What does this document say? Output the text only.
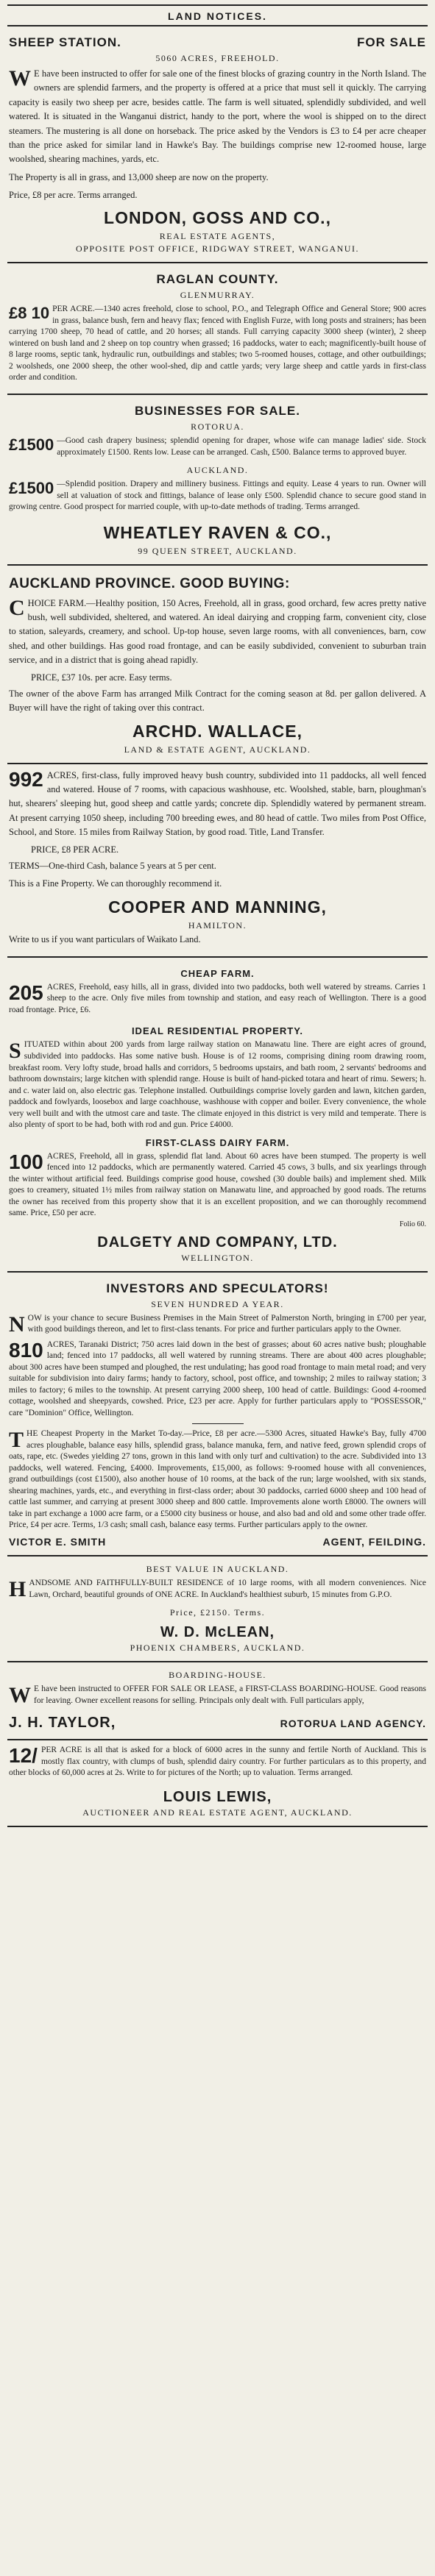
LAND NOTICES.
SHEEP STATION.	FOR SALE
5060 ACRES, FREEHOLD.

W E have been instructed to offer for sale one of the finest blocks of grazing country in the North Island. The owners are splendid farmers, and the property is offered at a price that must sell it quickly. The carrying capacity is easily two sheep per acre, besides cattle. The farm is well situated, splendidly subdivided, and well watered. It is situated in the Wanganui district, handy to the port, where the wool is shipped on to the direct steamers. The mustering is all done on horseback. The price asked by the Vendors is £3 to £4 per acre cheaper than the price asked for similar land in Hawke's Bay. The buildings comprise new 12-roomed house, large woolshed, shearing machines, yards, etc.

The Property is all in grass, and 13,000 sheep are now on the property.

Price, £8 per acre. Terms arranged.

LONDON, GOSS AND CO.,
REAL ESTATE AGENTS,
OPPOSITE POST OFFICE, RIDGWAY STREET, WANGANUI.
RAGLAN COUNTY.
GLENMURRAY.

£8 10 PER ACRE.—1340 acres freehold, close to school, P.O., and Telegraph Office and General Store; 900 acres in grass, balance bush, fern and heavy flax; fenced with English Furze, with long posts and strainers; has been carrying 1700 sheep, 70 head of cattle, and 20 horses; all stands. Full carrying capacity 3000 sheep (winter), 2 sheep wintered on bush land and 2 sheep on top country when grassed; 16 paddocks, water to each; magnificently-built house of 8 large rooms, septic tank, hydraulic run, outbuildings and stables; two 5-roomed houses, cottage, and other outbuildings; 2 woolsheds, one 2000 sheep, the other wool-shed, dip and cattle yards; very large sheep and cattle yards in first-class order and condition.

BUSINESSES FOR SALE.
ROTORUA.

£1500 —Good cash drapery business; splendid opening for draper, whose wife can manage ladies' side. Stock approximately £1500. Rents low. Lease can be arranged. Cash, £500. Balance terms to approved buyer.

AUCKLAND.

£1500 —Splendid position. Drapery and millinery business. Fittings and equity. Lease 4 years to run. Owner will sell at valuation of stock and fittings, balance of lease only £500. Splendid chance to secure good stand in growing centre. Good prospect for married couple, with up-to-date methods of trading. Terms arranged.

WHEATLEY RAVEN & CO.,
99 QUEEN STREET, AUCKLAND.
AUCKLAND PROVINCE. GOOD BUYING:

CHOICE FARM.—Healthy position, 150 Acres, Freehold, all in grass, good orchard, few acres pretty native bush, well subdivided, sheltered, and watered. An ideal dairying and cropping farm, convenient city, close to station, saleyards, creamery, and school. Up-top house, seven large rooms, with all conveniences, barn, cow shed, and other buildings. Has good road frontage, and can be easily subdivided, convenient to suburban train service, and in a district that is going ahead rapidly.

PRICE, £37 10s. per acre. Easy terms.

The owner of the above Farm has arranged Milk Contract for the coming season at 8d. per gallon delivered. A Buyer will have the right of taking over this contract.

ARCHD. WALLACE,
LAND & ESTATE AGENT, AUCKLAND.

992 ACRES, first-class, fully improved heavy bush country, subdivided into 11 paddocks, all well fenced and watered. House of 7 rooms, with capacious washhouse, etc. Woolshed, stable, barn, ploughman's hut, shearers' sleeping hut, good sheep and cattle yards; concrete dip. Splendidly watered by permanent stream. At present carrying 1050 sheep, including 700 breeding ewes, and 80 head of cattle. Two miles from Post Office, School, and Store. 15 miles from Railway Station, by good road. Title, Land Transfer.

PRICE, £8 PER ACRE.

TERMS—One-third Cash, balance 5 years at 5 per cent.

This is a Fine Property. We can thoroughly recommend it.

COOPER AND MANNING,
HAMILTON.

Write to us if you want particulars of Waikato Land.

CHEAP FARM.

205 ACRES, Freehold, easy hills, all in grass, divided into two paddocks, both well watered by streams. Carries 1 sheep to the acre. Only five miles from township and station, and easy reach of Wellington. There is a good road frontage. Price, £6.

IDEAL RESIDENTIAL PROPERTY.

SITUATED within about 200 yards from large railway station on Manawatu line. There are eight acres of ground, subdivided into paddocks. Has some native bush. House is of 12 rooms, comprising dining room drawing room, breakfast room. Very lofty stude, broad halls and corridors, 5 bedrooms upstairs, and bath room, 2 servants' bedrooms and bathroom downstairs; large kitchen with splendid range. House is built of hand-picked totara and heart of rimu. Sewers; h. and c. water laid on, also electric gas. Telephone installed. Outbuildings comprise lovely garden and lawn, kitchen garden, paddock and fowlyards, loosebox and large coachhouse, washhouse with copper and boiler. Every convenience, the whole very well built and with the utmost care and taste. The climate enjoyed in this district is very mild and temperate. There is also plenty of sport to be had, both with rod and gun. Price £4000.

FIRST-CLASS DAIRY FARM.

100 ACRES, Freehold, all in grass, splendid flat land. About 60 acres have been stumped. The property is well fenced into 12 paddocks, which are permanently watered. Carried 45 cows, 3 bulls, and six yearlings through the winter without artificial feed. Buildings comprise good house, cowshed (30 double bails) and implement shed. Milk goes to creamery, situated 1½ miles from railway station on Manawatu line, and approached by good roads. The returns the owner has received from this property show that it is an excellent proposition, and we can thoroughly recommend same. Price, £50 per acre.

Folio 60.
DALGETY AND COMPANY, LTD.
WELLINGTON.
INVESTORS AND SPECULATORS!
SEVEN HUNDRED A YEAR.

NOW is your chance to secure Business Premises in the Main Street of Palmerston North, bringing in £700 per year, with good buildings thereon, and let to first-class tenants. For price and further particulars apply to the Owner.

810 ACRES, Taranaki District; 750 acres laid down in the best of grasses; about 60 acres native bush; ploughable land; fenced into 17 paddocks, all well watered by running streams. There are about 400 acres ploughable; about 300 acres have been stumped and ploughed, the rest undulating; has good road frontage to main metal road; and very suitable for subdivision into dairy farms; handy to factory, school, post office, and township; 2 miles to railway station; 3 miles to factory; 6 miles to the township. At present carrying 2000 sheep, 100 head of cattle. Buildings: Good 4-roomed cottage, woolshed and sheepyards, cowshed. Price, £23 per acre. Apply for further particulars apply to "POSSESSOR," care "Dominion" Office, Wellington.

THE Cheapest Property in the Market To-day.—Price, £8 per acre.—5300 Acres, situated Hawke's Bay, fully 4700 acres ploughable, balance easy hills, splendid grass, balance manuka, fern, and native feed, grown splendid crops of oats, rape, etc. (Swedes yielding 27 tons, grown in this land with only turf and cultivation) to the acre. Subdivided into 13 paddocks, well watered. Fencing, £4000. Improvements, £15,000, as follows: 9-roomed house with all conveniences, grand outbuildings (cost £1500), also another house of 10 rooms, at the back of the run; large woolshed, with six stands, shearing machines, yards, etc., and everything in first-class order; about 30 paddocks, carried 6000 sheep and 100 head of cattle last summer, and carrying at present 3000 sheep and 800 cattle. Improvements alone worth £8000. The owners will take in part exchange a 1000 acre farm, or a £5000 city business or house, and also bad and old and some other trade offer. Price, £4 per acre. Terms, 1/3 cash; small cash, balance easy terms. Further particulars apply to the owner.

VICTOR E. SMITH	AGENT, FEILDING.
BEST VALUE IN AUCKLAND.

HANDSOME AND FAITHFULLY-BUILT RESIDENCE of 10 large rooms, with all modern conveniences. Nice Lawn, Orchard, beautiful grounds of ONE ACRE. In Auckland's healthiest suburb, 15 minutes from G.P.O.

Price, £2150. Terms.
W. D. McLEAN,
PHOENIX CHAMBERS, AUCKLAND.
BOARDING-HOUSE.

W E have been instructed to OFFER FOR SALE OR LEASE, a FIRST-CLASS BOARDING-HOUSE. Good reasons for leaving. Owner excellent reasons for selling. Principals only dealt with. Full particulars apply,

J. H. TAYLOR,	ROTORUA LAND AGENCY.

12/ PER ACRE is all that is asked for a block of 6000 acres in the sunny and fertile North of Auckland. This is mostly flax country, with clumps of bush, splendid dairy country. For further particulars as to this property, and other blocks of 60,000 acres at 2s. Write to for pictures of the North; up to valuation. Terms arranged.

LOUIS LEWIS,
AUCTIONEER AND REAL ESTATE AGENT, AUCKLAND.
